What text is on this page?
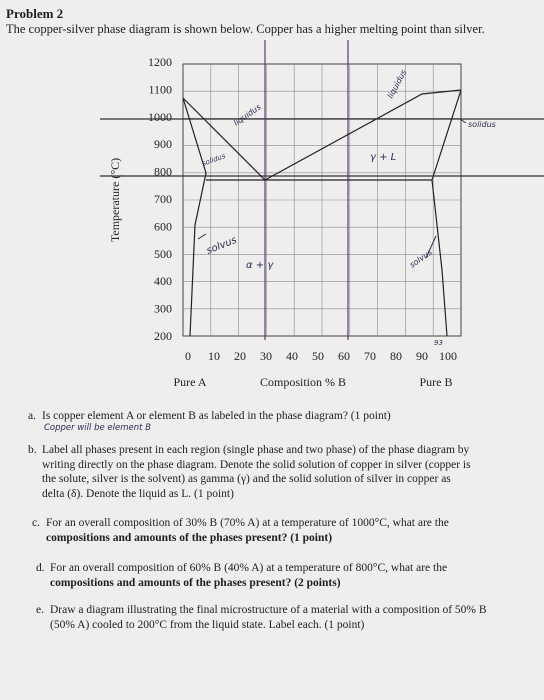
Problem 2
The copper-silver phase diagram is shown below. Copper has a higher melting point than silver.
1200
1100
1000
900
800
700
600
500
400
300
200
0 10 20 30 40 50 60 70 80 90 100
Temperature (°C)
Pure A	Composition % B	Pure B
liquidus
liquidus
solidus
solidus	γ + L
solvus
α + γ	solvus
93
a. Is copper element A or element B as labeled in the phase diagram? (1 point)
Copper will be element B
b. Label all phases present in each region (single phase and two phase) of the phase diagram by
writing directly on the phase diagram. Denote the solid solution of copper in silver (copper is
the solute, silver is the solvent) as gamma (γ) and the solid solution of silver in copper as
delta (δ). Denote the liquid as L. (1 point)
c. For an overall composition of 30% B (70% A) at a temperature of 1000°C, what are the
compositions and amounts of the phases present? (1 point)
d. For an overall composition of 60% B (40% A) at a temperature of 800°C, what are the
compositions and amounts of the phases present? (2 points)
e. Draw a diagram illustrating the final microstructure of a material with a composition of 50% B
(50% A) cooled to 200°C from the liquid state. Label each. (1 point)
